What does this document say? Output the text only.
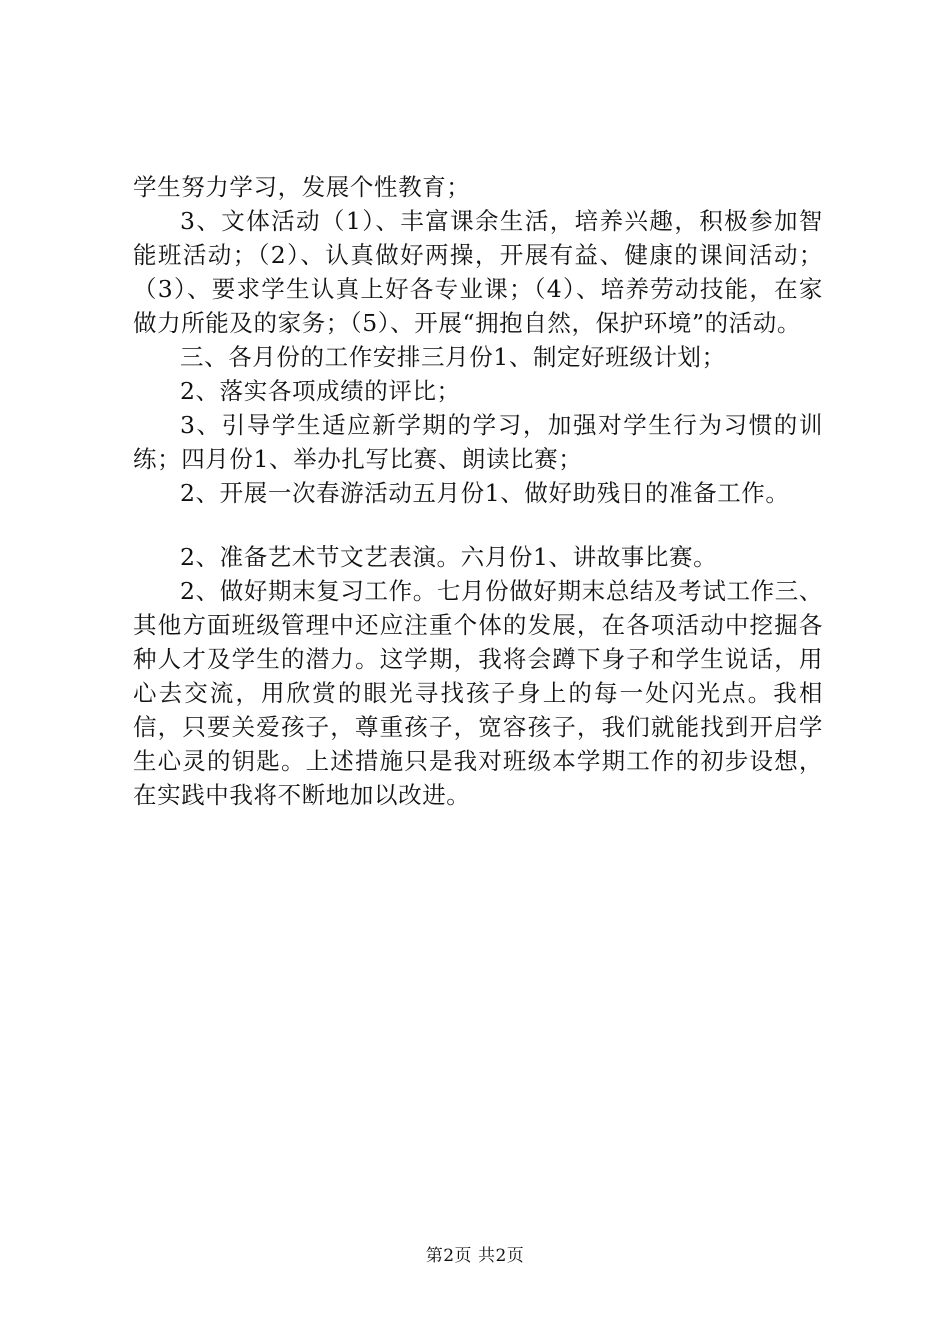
学生努力学习，发展个性教育；

3、文体活动（1）、丰富课余生活，培养兴趣，积极参加智能班活动；（2）、认真做好两操，开展有益、健康的课间活动；（3）、要求学生认真上好各专业课；（4）、培养劳动技能，在家做力所能及的家务；（5）、开展“拥抱自然，保护环境”的活动。

三、各月份的工作安排三月份1、制定好班级计划；

2、落实各项成绩的评比；

3、引导学生适应新学期的学习，加强对学生行为习惯的训练；四月份1、举办扎写比赛、朗读比赛；

2、开展一次春游活动五月份1、做好助残日的准备工作。

2、准备艺术节文艺表演。六月份1、讲故事比赛。

2、做好期末复习工作。七月份做好期末总结及考试工作三、其他方面班级管理中还应注重个体的发展，在各项活动中挖掘各种人才及学生的潜力。这学期，我将会蹲下身子和学生说话，用心去交流，用欣赏的眼光寻找孩子身上的每一处闪光点。我相信，只要关爱孩子，尊重孩子，宽容孩子，我们就能找到开启学生心灵的钥匙。上述措施只是我对班级本学期工作的初步设想，在实践中我将不断地加以改进。

第2页 共2页
